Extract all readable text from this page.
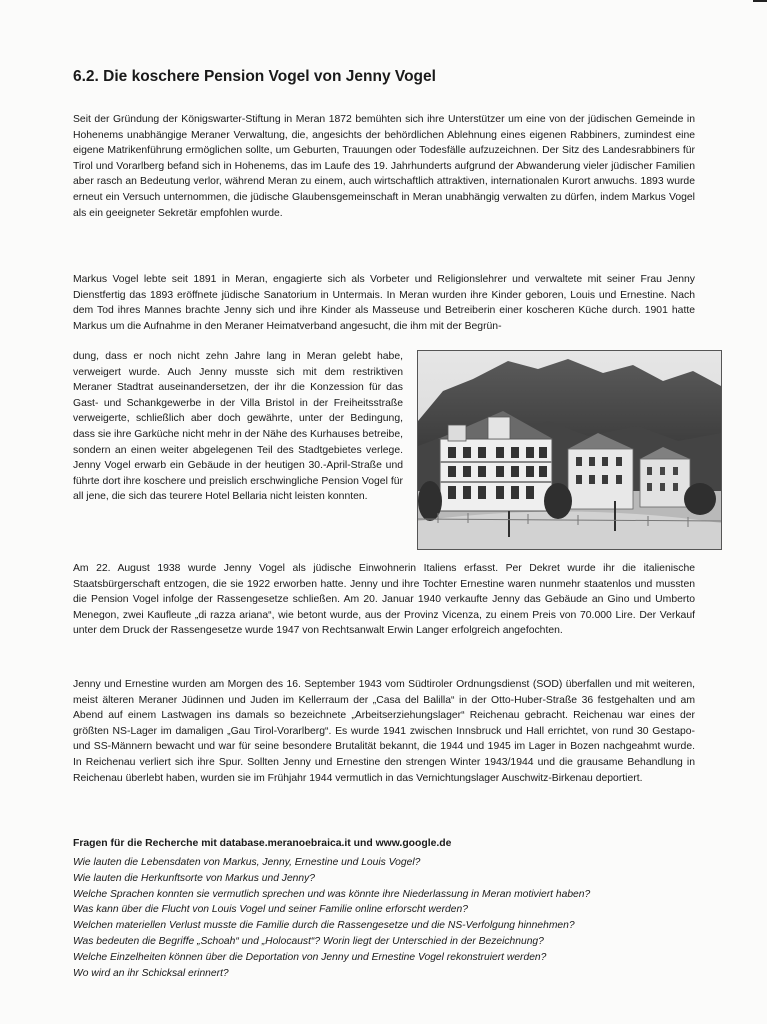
6.2. Die koschere Pension Vogel von Jenny Vogel

Seit der Gründung der Königswarter-Stiftung in Meran 1872 bemühten sich ihre Unterstützer um eine von der jüdischen Gemeinde in Hohenems unabhängige Meraner Verwaltung, die, angesichts der behördlichen Ablehnung eines eigenen Rabbiners, zumindest eine eigene Matrikenführung ermöglichen sollte, um Geburten, Trauungen oder Todesfälle aufzuzeichnen. Der Sitz des Landesrabbiners für Tirol und Vorarlberg befand sich in Hohenems, das im Laufe des 19. Jahrhunderts aufgrund der Abwanderung vieler jüdischer Familien aber rasch an Bedeutung verlor, während Meran zu einem, auch wirtschaftlich attraktiven, internationalen Kurort anwuchs. 1893 wurde erneut ein Versuch unternommen, die jüdische Glaubensgemeinschaft in Meran unabhängig verwalten zu dürfen, indem Markus Vogel als ein geeigneter Sekretär empfohlen wurde.

Markus Vogel lebte seit 1891 in Meran, engagierte sich als Vorbeter und Religionslehrer und verwaltete mit seiner Frau Jenny Dienstfertig das 1893 eröffnete jüdische Sanatorium in Untermais. In Meran wurden ihre Kinder geboren, Louis und Ernestine. Nach dem Tod ihres Mannes brachte Jenny sich und ihre Kinder als Masseuse und Betreiberin einer koscheren Küche durch. 1901 hatte Markus um die Aufnahme in den Meraner Heimatverband angesucht, die ihm mit der Begrün-

dung, dass er noch nicht zehn Jahre lang in Meran gelebt habe, verweigert wurde. Auch Jenny musste sich mit dem restriktiven Meraner Stadtrat auseinandersetzen, der ihr die Konzession für das Gast- und Schankgewerbe in der Villa Bristol in der Freiheitsstraße verweigerte, schließlich aber doch gewährte, unter der Bedingung, dass sie ihre Garküche nicht mehr in der Nähe des Kurhauses betreibe, sondern an einen weiter abgelegenen Teil des Stadtgebietes verlege. Jenny Vogel erwarb ein Gebäude in der heutigen 30.-April-Straße und führte dort ihre koschere und preislich erschwingliche Pension Vogel für all jene, die sich das teurere Hotel Bellaria nicht leisten konnten.

Am 22. August 1938 wurde Jenny Vogel als jüdische Einwohnerin Italiens erfasst. Per Dekret wurde ihr die italienische Staatsbürgerschaft entzogen, die sie 1922 erworben hatte. Jenny und ihre Tochter Ernestine waren nunmehr staatenlos und mussten die Pension Vogel infolge der Rassengesetze schließen. Am 20. Januar 1940 verkaufte Jenny das Gebäude an Gino und Umberto Menegon, zwei Kaufleute „di razza ariana“, wie betont wurde, aus der Provinz Vicenza, zu einem Preis von 70.000 Lire. Der Verkauf unter dem Druck der Rassengesetze wurde 1947 von Rechtsanwalt Erwin Langer erfolgreich angefochten.

Jenny und Ernestine wurden am Morgen des 16. September 1943 vom Südtiroler Ordnungsdienst (SOD) überfallen und mit weiteren, meist älteren Meraner Jüdinnen und Juden im Kellerraum der „Casa del Balilla“ in der Otto-Huber-Straße 36 festgehalten und am Abend auf einem Lastwagen ins damals so bezeichnete „Arbeitserziehungslager“ Reichenau gebracht. Reichenau war eines der größten NS-Lager im damaligen „Gau Tirol-Vorarlberg“. Es wurde 1941 zwischen Innsbruck und Hall errichtet, von rund 30 Gestapo- und SS-Männern bewacht und war für seine besondere Brutalität bekannt, die 1944 und 1945 im Lager in Bozen nachgeahmt wurde. In Reichenau verliert sich ihre Spur. Sollten Jenny und Ernestine den strengen Winter 1943/1944 und die grausame Behandlung in Reichenau überlebt haben, wurden sie im Frühjahr 1944 vermutlich in das Vernichtungslager Auschwitz-Birkenau deportiert.

Fragen für die Recherche mit database.meranoebraica.it und www.google.de

Wie lauten die Lebensdaten von Markus, Jenny, Ernestine und Louis Vogel?
Wie lauten die Herkunftsorte von Markus und Jenny?
Welche Sprachen konnten sie vermutlich sprechen und was könnte ihre Niederlassung in Meran motiviert haben?
Was kann über die Flucht von Louis Vogel und seiner Familie online erforscht werden?
Welchen materiellen Verlust musste die Familie durch die Rassengesetze und die NS-Verfolgung hinnehmen?
Was bedeuten die Begriffe „Schoah“ und „Holocaust“? Worin liegt der Unterschied in der Bezeichnung?
Welche Einzelheiten können über die Deportation von Jenny und Ernestine Vogel rekonstruiert werden?
Wo wird an ihr Schicksal erinnert?
